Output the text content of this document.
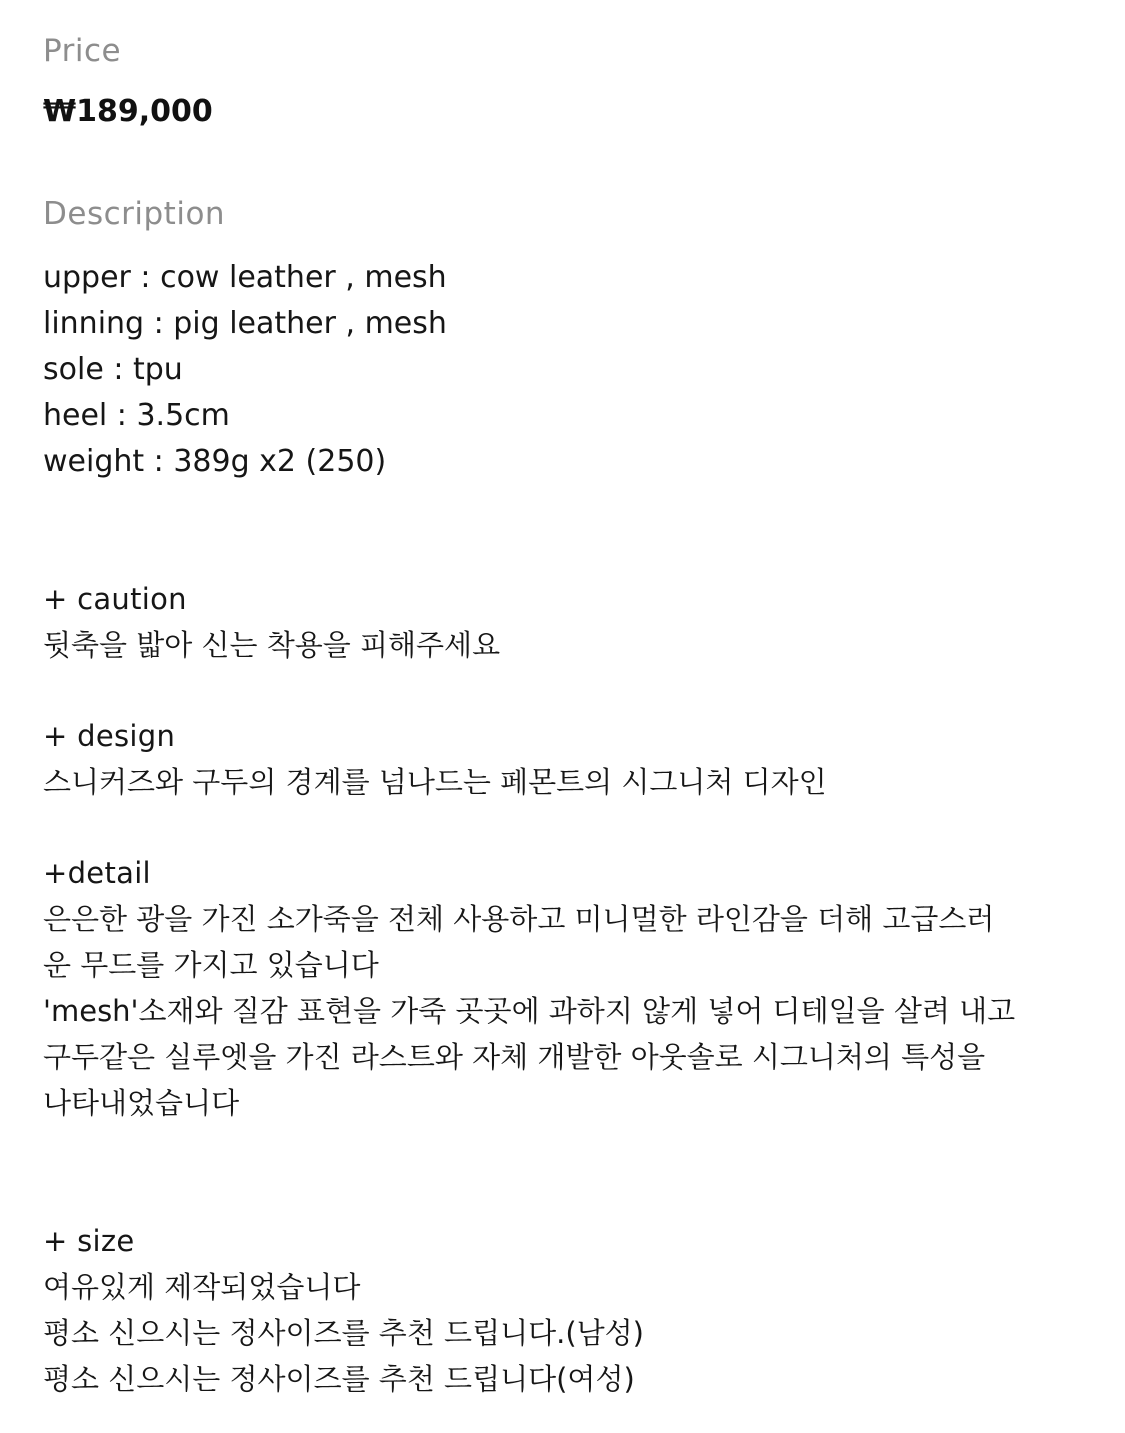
Price
₩189,000
Description
upper : cow leather , mesh
linning : pig leather , mesh
sole : tpu
heel : 3.5cm
weight : 389g x2 (250)
+ caution
뒷축을 밟아 신는 착용을 피해주세요
+ design
스니커즈와 구두의 경계를 넘나드는 페몬트의 시그니처 디자인
+detail
은은한 광을 가진 소가죽을 전체 사용하고 미니멀한 라인감을 더해 고급스러
운 무드를 가지고 있습니다
'mesh'소재와 질감 표현을 가죽 곳곳에 과하지 않게 넣어 디테일을 살려 내고
구두같은 실루엣을 가진 라스트와 자체 개발한 아웃솔로 시그니처의 특성을
나타내었습니다
+ size
여유있게 제작되었습니다
평소 신으시는 정사이즈를 추천 드립니다.(남성)
평소 신으시는 정사이즈를 추천 드립니다(여성)
